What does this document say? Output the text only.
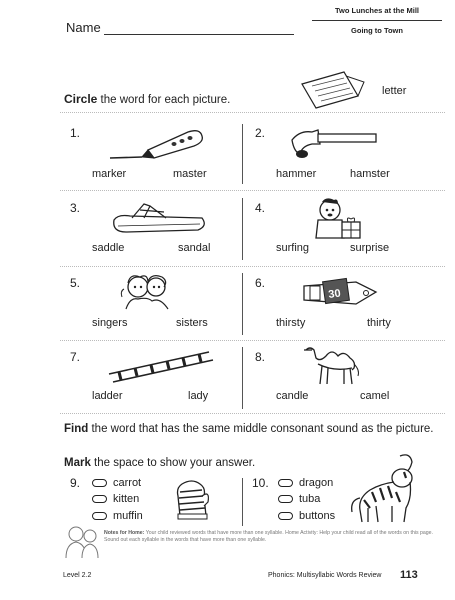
Name
Two Lunches at the Mill
Going to Town
letter
Circle the word for each picture.
1.
marker	master
2.
hammer	hamster
3.
saddle	sandal
4.
surfing	surprise
5.
singers	sisters
6.
30
thirsty	thirty
7.
ladder	lady
8.
candle	camel
Find the word that has the same middle consonant sound as the picture.
Mark the space to show your answer.
9.	carrot
kitten
muffin
10.	dragon
tuba
buttons
Notes for Home: Your child reviewed words that have more than one syllable. Home Activity: Help your child read all of the words on this page. Sound out each syllable in the words that have more than one syllable.
Level 2.2	Phonics: Multisyllabic Words Review 113
